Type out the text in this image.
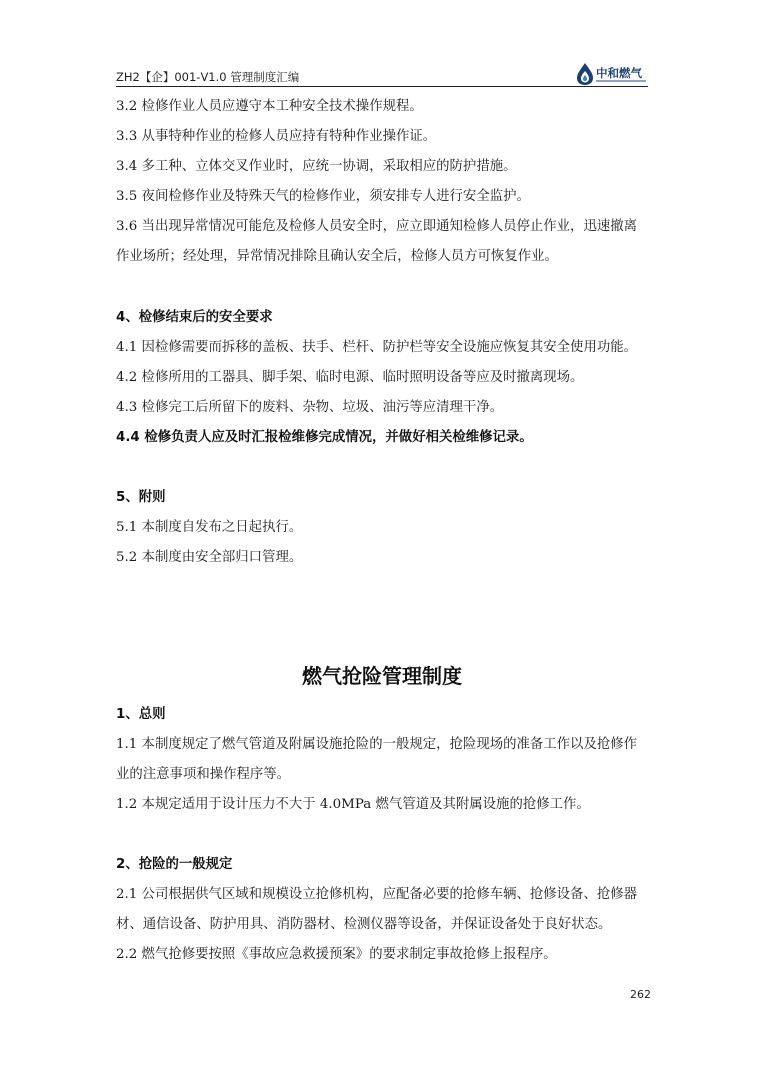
ZH2【企】001-V1.0 管理制度汇编	中和燃气
3.2 检修作业人员应遵守本工种安全技术操作规程。
3.3 从事特种作业的检修人员应持有特种作业操作证。
3.4 多工种、立体交叉作业时，应统一协调，采取相应的防护措施。
3.5 夜间检修作业及特殊天气的检修作业，须安排专人进行安全监护。
3.6 当出现异常情况可能危及检修人员安全时，应立即通知检修人员停止作业，迅速撤离
作业场所；经处理，异常情况排除且确认安全后，检修人员方可恢复作业。
4、检修结束后的安全要求
4.1 因检修需要而拆移的盖板、扶手、栏杆、防护栏等安全设施应恢复其安全使用功能。
4.2 检修所用的工器具、脚手架、临时电源、临时照明设备等应及时撤离现场。
4.3 检修完工后所留下的废料、杂物、垃圾、油污等应清理干净。
4.4 检修负责人应及时汇报检维修完成情况，并做好相关检维修记录。
5、附则
5.1 本制度自发布之日起执行。
5.2 本制度由安全部归口管理。
燃气抢险管理制度
1、总则
1.1 本制度规定了燃气管道及附属设施抢险的一般规定，抢险现场的准备工作以及抢修作
业的注意事项和操作程序等。
1.2 本规定适用于设计压力不大于 4.0MPa 燃气管道及其附属设施的抢修工作。
2、抢险的一般规定
2.1 公司根据供气区域和规模设立抢修机构，应配备必要的抢修车辆、抢修设备、抢修器
材、通信设备、防护用具、消防器材、检测仪器等设备，并保证设备处于良好状态。
2.2 燃气抢修要按照《事故应急救援预案》的要求制定事故抢修上报程序。
262
